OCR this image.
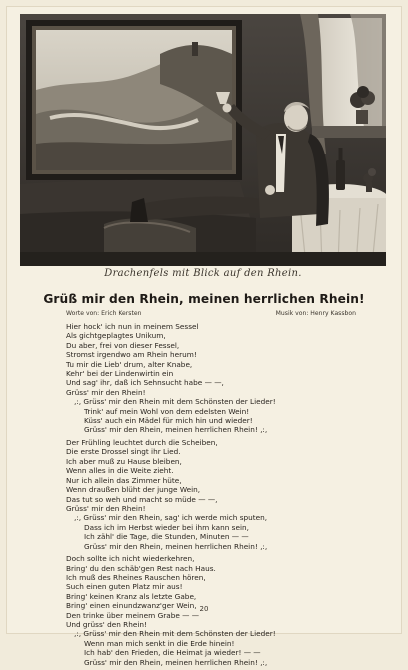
Drachenfels mit Blick auf den Rhein.
Grüß mir den Rhein, meinen herrlichen Rhein!
Worte von: Erich Kersten	Musik von: Henry Kassbon
Hier hock' ich nun in meinem Sessel
Als gichtgeplagtes Unikum,
Du aber, frei von dieser Fessel,
Stromst irgendwo am Rhein herum!
Tu mir die Lieb' drum, alter Knabe,
Kehr' bei der Lindenwirtin ein
Und sag' ihr, daß ich Sehnsucht habe — —,
Grüss' mir den Rhein!
‚:‚ Grüss' mir den Rhein mit dem Schönsten der Lieder!
Trink' auf mein Wohl von dem edelsten Wein!
Küss' auch ein Mädel für mich hin und wieder!
Grüss' mir den Rhein, meinen herrlichen Rhein! ‚:‚
Der Frühling leuchtet durch die Scheiben,
Die erste Drossel singt ihr Lied.
Ich aber muß zu Hause bleiben,
Wenn alles in die Weite zieht.
Nur ich allein das Zimmer hüte,
Wenn draußen blüht der junge Wein,
Das tut so weh und macht so müde — —,
Grüss' mir den Rhein!
‚:‚ Grüss' mir den Rhein, sag' ich werde mich sputen,
Dass ich im Herbst wieder bei ihm kann sein,
Ich zähl' die Tage, die Stunden, Minuten — —
Grüss' mir den Rhein, meinen herrlichen Rhein! ‚:‚
Doch sollte ich nicht wiederkehren,
Bring' du den schäb'gen Rest nach Haus.
Ich muß des Rheines Rauschen hören,
Such einen guten Platz mir aus!
Bring' keinen Kranz als letzte Gabe,
Bring' einen einundzwanz'ger Wein,
Den trinke über meinem Grabe — —
Und grüss' den Rhein!
‚:‚ Grüss' mir den Rhein mit dem Schönsten der Lieder!
Wenn man mich senkt in die Erde hinein!
Ich hab' den Frieden, die Heimat ja wieder! — —
Grüss' mir den Rhein, meinen herrlichen Rhein! ‚:‚
20
